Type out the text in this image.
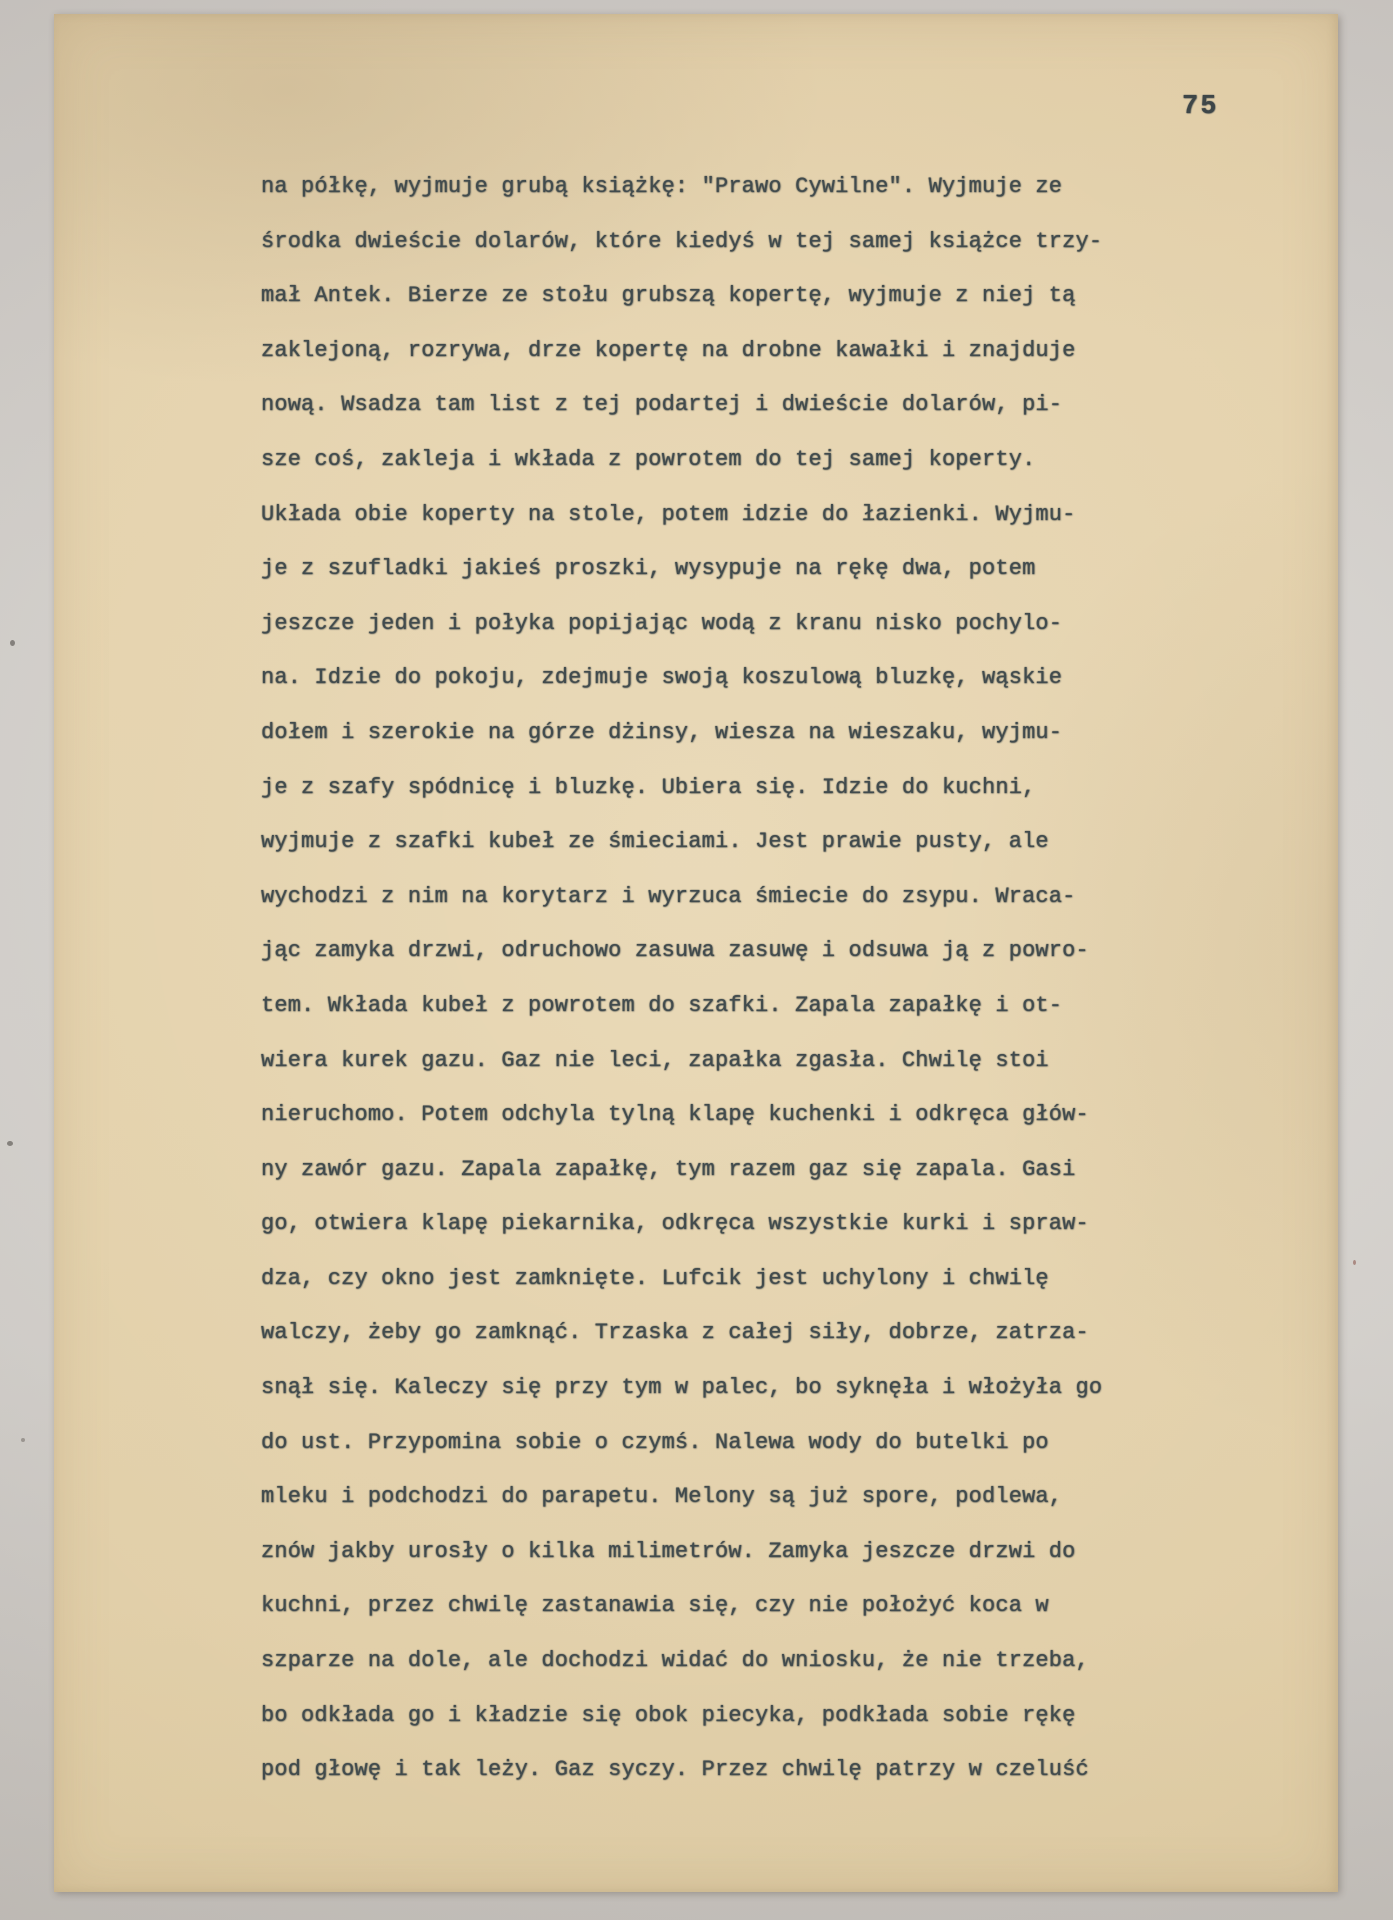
75
na półkę, wyjmuje grubą książkę: "Prawo Cywilne". Wyjmuje ze
środka dwieście dolarów, które kiedyś w tej samej książce trzy-
mał Antek. Bierze ze stołu grubszą kopertę, wyjmuje z niej tą
zaklejoną, rozrywa, drze kopertę na drobne kawałki i znajduje
nową. Wsadza tam list z tej podartej i dwieście dolarów, pi-
sze coś, zakleja i wkłada z powrotem do tej samej koperty.
Układa obie koperty na stole, potem idzie do łazienki. Wyjmu-
je z szufladki jakieś proszki, wysypuje na rękę dwa, potem
jeszcze jeden i połyka popijając wodą z kranu nisko pochylo-
na. Idzie do pokoju, zdejmuje swoją koszulową bluzkę, wąskie
dołem i szerokie na górze dżinsy, wiesza na wieszaku, wyjmu-
je z szafy spódnicę i bluzkę. Ubiera się. Idzie do kuchni,
wyjmuje z szafki kubeł ze śmieciami. Jest prawie pusty, ale
wychodzi z nim na korytarz i wyrzuca śmiecie do zsypu. Wraca-
jąc zamyka drzwi, odruchowo zasuwa zasuwę i odsuwa ją z powro-
tem. Wkłada kubeł z powrotem do szafki. Zapala zapałkę i ot-
wiera kurek gazu. Gaz nie leci, zapałka zgasła. Chwilę stoi
nieruchomo. Potem odchyla tylną klapę kuchenki i odkręca głów-
ny zawór gazu. Zapala zapałkę, tym razem gaz się zapala. Gasi
go, otwiera klapę piekarnika, odkręca wszystkie kurki i spraw-
dza, czy okno jest zamknięte. Lufcik jest uchylony i chwilę
walczy, żeby go zamknąć. Trzaska z całej siły, dobrze, zatrza-
snął się. Kaleczy się przy tym w palec, bo syknęła i włożyła go
do ust. Przypomina sobie o czymś. Nalewa wody do butelki po
mleku i podchodzi do parapetu. Melony są już spore, podlewa,
znów jakby urosły o kilka milimetrów. Zamyka jeszcze drzwi do
kuchni, przez chwilę zastanawia się, czy nie położyć koca w
szparze na dole, ale dochodzi widać do wniosku, że nie trzeba,
bo odkłada go i kładzie się obok piecyka, podkłada sobie rękę
pod głowę i tak leży. Gaz syczy. Przez chwilę patrzy w czeluść
